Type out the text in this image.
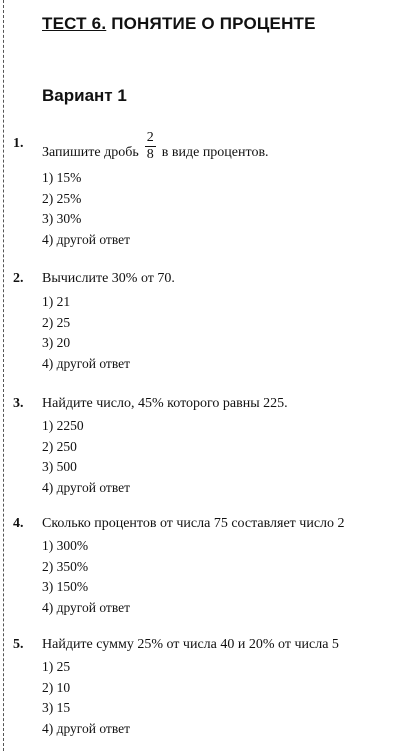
ТЕСТ 6. ПОНЯТИЕ О ПРОЦЕНТЕ
Вариант 1
1.
Запишите дробь $\frac{2}{8}$ в виде процентов.
1) 15%
2) 25%
3) 30%
4) другой ответ
2. Вычислите 30% от 70.
1) 21
2) 25
3) 20
4) другой ответ
3. Найдите число, 45% которого равны 225.
1) 2250
2) 250
3) 500
4) другой ответ
4. Сколько процентов от числа 75 составляет число 2
1) 300%
2) 350%
3) 150%
4) другой ответ
5. Найдите сумму 25% от числа 40 и 20% от числа 5
1) 25
2) 10
3) 15
4) другой ответ
